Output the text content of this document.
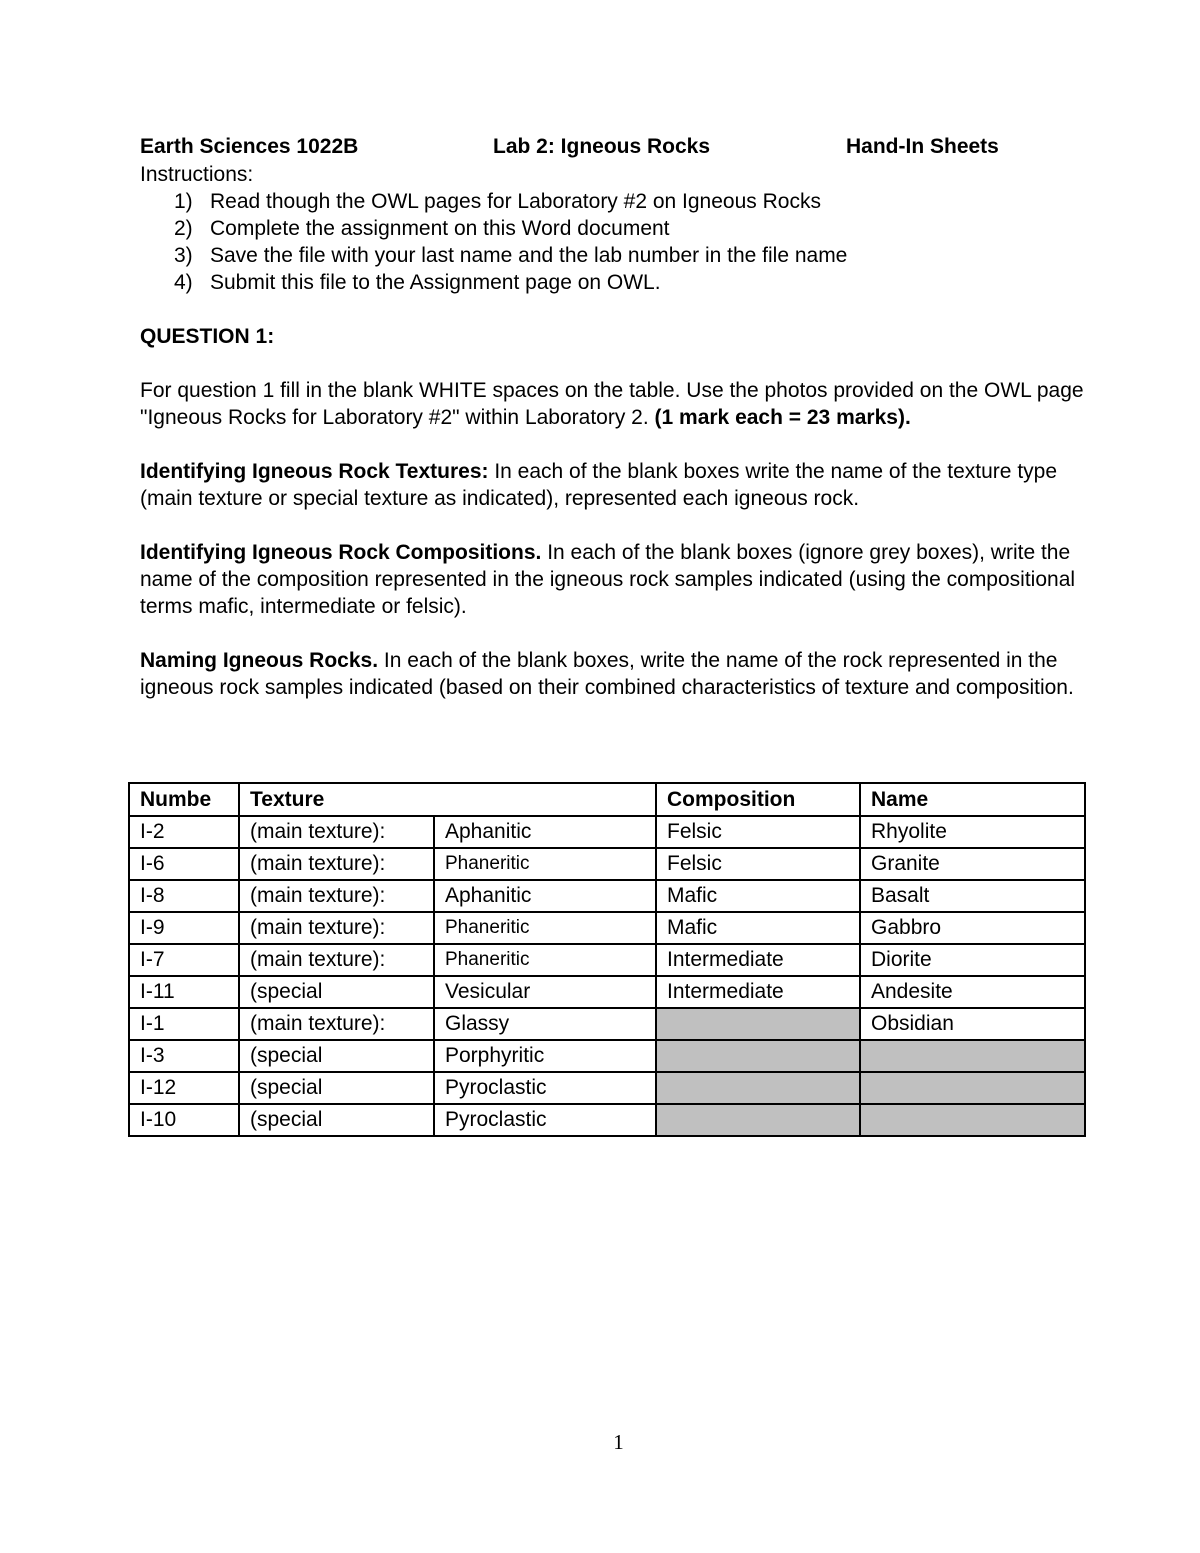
Earth Sciences 1022B	Lab 2: Igneous Rocks	Hand-In Sheets

Instructions:

1) Read though the OWL pages for Laboratory #2 on Igneous Rocks
2) Complete the assignment on this Word document
3) Save the file with your last name and the lab number in the file name
4) Submit this file to the Assignment page on OWL.

QUESTION 1:

For question 1 fill in the blank WHITE spaces on the table. Use the photos provided on the OWL page "Igneous Rocks for Laboratory #2" within Laboratory 2. (1 mark each = 23 marks).

Identifying Igneous Rock Textures: In each of the blank boxes write the name of the texture type (main texture or special texture as indicated), represented each igneous rock.

Identifying Igneous Rock Compositions. In each of the blank boxes (ignore grey boxes), write the name of the composition represented in the igneous rock samples indicated (using the compositional terms mafic, intermediate or felsic).

Naming Igneous Rocks. In each of the blank boxes, write the name of the rock represented in the igneous rock samples indicated (based on their combined characteristics of texture and composition.

Numbe	Texture		Composition	Name
I-2	(main texture):	Aphanitic	Felsic	Rhyolite
I-6	(main texture):	Phaneritic	Felsic	Granite
I-8	(main texture):	Aphanitic	Mafic	Basalt
I-9	(main texture):	Phaneritic	Mafic	Gabbro
I-7	(main texture):	Phaneritic	Intermediate	Diorite
I-11	(special	Vesicular	Intermediate	Andesite
I-1	(main texture):	Glassy		Obsidian
I-3	(special	Porphyritic		
I-12	(special	Pyroclastic		
I-10	(special	Pyroclastic		
1
